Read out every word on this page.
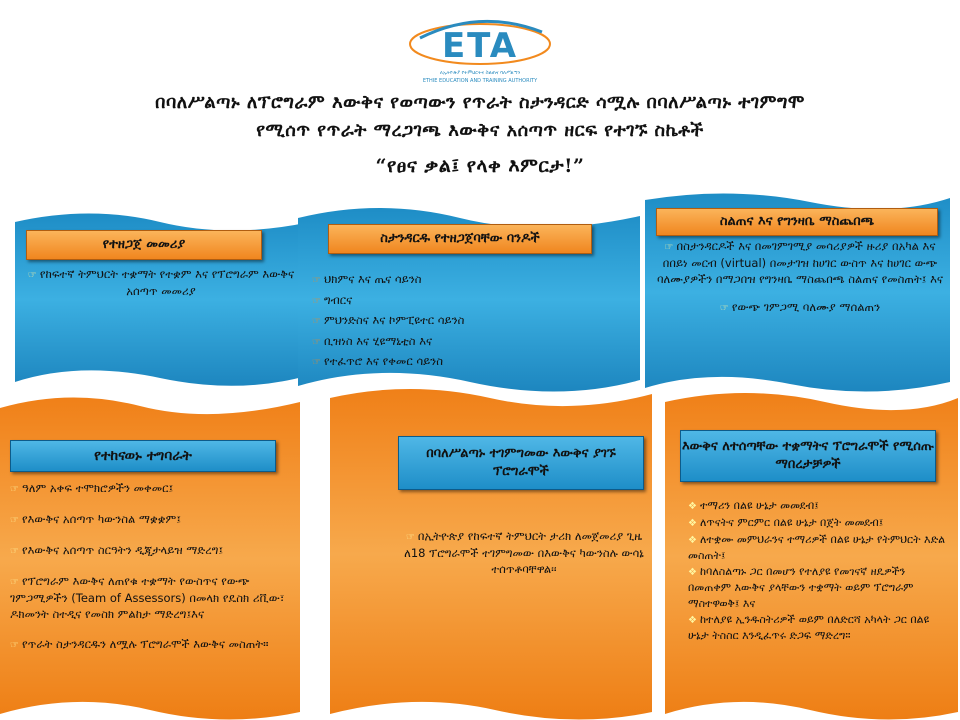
ETA
ለኢትዮጵያ የትምህርትና ስልጠና ባለሥልጣን
ETHIE EDUCATION AND TRAINING AUTHORITY
በባለሥልጣኑ ለፕሮግራም እውቅና የወጣውን የጥራት ስታንዳርድ ሳሟሉ በባለሥልጣኑ ተገምግሞ
የሚሰጥ የጥራት ማረጋገጫ እውቅና አሰጣጥ ዘርፍ የተገኙ ስኬቶች
“የፀና ቃል፤ የላቀ እምርታ!”
የተዘጋጀ መመሪያ
☞ የከፍተኛ ትምህርት ተቋማት የተቋም እና የፕሮግራም እውቅና አሰጣጥ መመሪያ
ስታንዳርዱ የተዘጋጀባቸው ባንዶች
☞ ህክምና እና ጤና ሳይንስ
☞ ግብርና
☞ ምህንድስና እና ኮምፒዩተር ሳይንስ
☞ ቢዝነስ እና ሂዩማኒቲስ እና
☞ የተፈጥሮ እና የቀመር ሳይንስ
ስልጠና እና የግንዛቤ ማስጨበጫ
☞ በስታንዳርዶች እና በመገምገሚያ መሳሪያዎች ዙሪያ በአካል እና በበይነ መርብ (virtual) በመታገዝ ከሀገር ውስጥ እና ከሀገር ውጭ ባለሙያዎችን በማጋበዝ የግንዛቤ ማስጨበጫ ስልጠና የመስጠት፤ እና
☞ የውጭ ገምጋሚ ባለሙያ ማሰልጠን
የተከናወኑ ተግባራት
☞ ዓለም አቀፍ ተሞክሮዎችን መቀመር፤
☞ የእውቅና አሰጣጥ ካውንስል ማቋቋም፤
☞ የእውቅና አሰጣጥ ስርዓትን ዲጂታላይዝ ማድረግ፤
☞ የፕሮግራም እውቅና ለጠየቁ ተቋማት የውስጥና የውጭ ገምጋሚዎችን (Team of Assessors) በመላክ የዴስክ ሪቪው፣ ዶክመንት ስተዲና የመስክ ምልከታ ማድረግ፤እና
☞ የጥራት ስታንዳርዱን ለሟሉ ፕሮግራሞች እውቅና መስጠት።
በባለሥልጣኑ ተገምግመው እውቅና ያገኙ ፕሮግራሞች
☞ በኢትዮጵያ የከፍተኛ ትምህርት ታሪክ ለመጀመሪያ ጊዜ ለ18 ፕሮግራሞች ተገምግመው በእውቅና ካውንስሉ ውሳኔ ተሰጥቶባቸዋል፡፡
እውቅና ለተሰጣቸው ተቋማትና ፕሮግራሞች የሚሰጡ ማበረታቻዎች
❖ ተማሪን በልዩ ሁኔታ መመደብ፤
❖ ለጥናትና ምርምር በልዩ ሁኔታ በጀት መመደብ፤
❖ ለተቋሙ መምህራንና ተማሪዎች በልዩ ሁኔታ የትምህርት እድል መስጠት፤
❖ ከባለስልጣኑ ጋር በመሆን የተለያዩ የመገናኛ ዘዴዎችን በመጠቀም እውቅና ያላቸውን ተቋማት ወይም ፕሮግራም ማስተዋወቅ፤ እና
❖ ከተለያዩ ኢንዱስትሪዎች ወይም በለድርሻ አካላት ጋር በልዩ ሁኔታ ትስስር እንዲፈጥሩ ድጋፍ ማድረግ።
